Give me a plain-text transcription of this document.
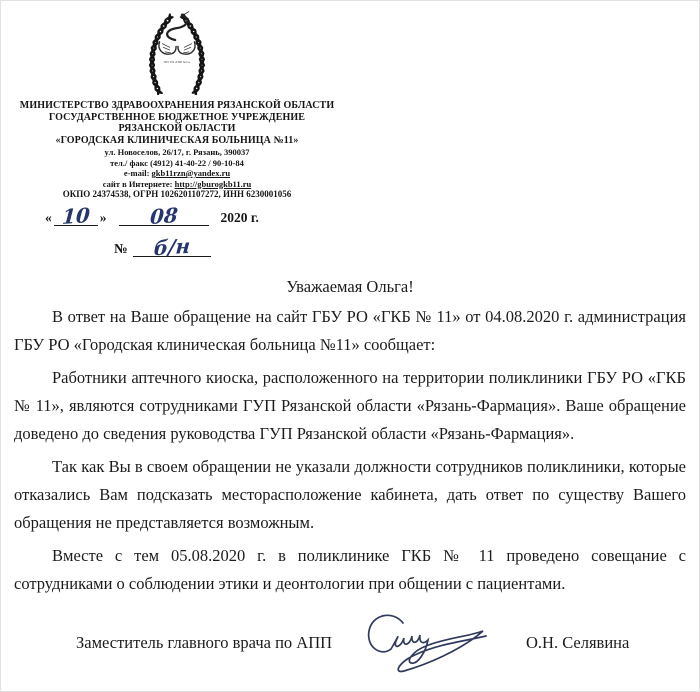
ГБУ РО «ГКБ №11»
МИНИСТЕРСТВО ЗДРАВООХРАНЕНИЯ РЯЗАНСКОЙ ОБЛАСТИ
ГОСУДАРСТВЕННОЕ БЮДЖЕТНОЕ УЧРЕЖДЕНИЕ
РЯЗАНСКОЙ ОБЛАСТИ
«ГОРОДСКАЯ КЛИНИЧЕСКАЯ БОЛЬНИЦА №11»
ул. Новоселов, 26/17, г. Рязань, 390037
тел./ факс (4912) 41-40-22 / 90-10-84
e-mail: gkb11rzn@yandex.ru
сайт в Интернете: http://gburogkb11.ru
ОКПО 24374538, ОГРН 1026201107272, ИНН 6230001056
« 10 »	08	2020 г.
№	б/н
Уважаемая Ольга!

В ответ на Ваше обращение на сайт ГБУ РО «ГКБ № 11» от 04.08.2020 г. администрация ГБУ РО «Городская клиническая больница №11» сообщает:

Работники аптечного киоска, расположенного на территории поликлиники ГБУ РО «ГКБ № 11», являются сотрудниками ГУП Рязанской области «Рязань-Фармация». Ваше обращение доведено до сведения руководства ГУП Рязанской области «Рязань-Фармация».

Так как Вы в своем обращении не указали должности сотрудников поликлиники, которые отказались Вам подсказать месторасположение кабинета, дать ответ по существу Вашего обращения не представляется возможным.

Вместе с тем 05.08.2020 г. в поликлинике ГКБ № 11 проведено совещание с сотрудниками о соблюдении этики и деонтологии при общении с пациентами.

Заместитель главного врача по АПП	О.Н. Селявина
